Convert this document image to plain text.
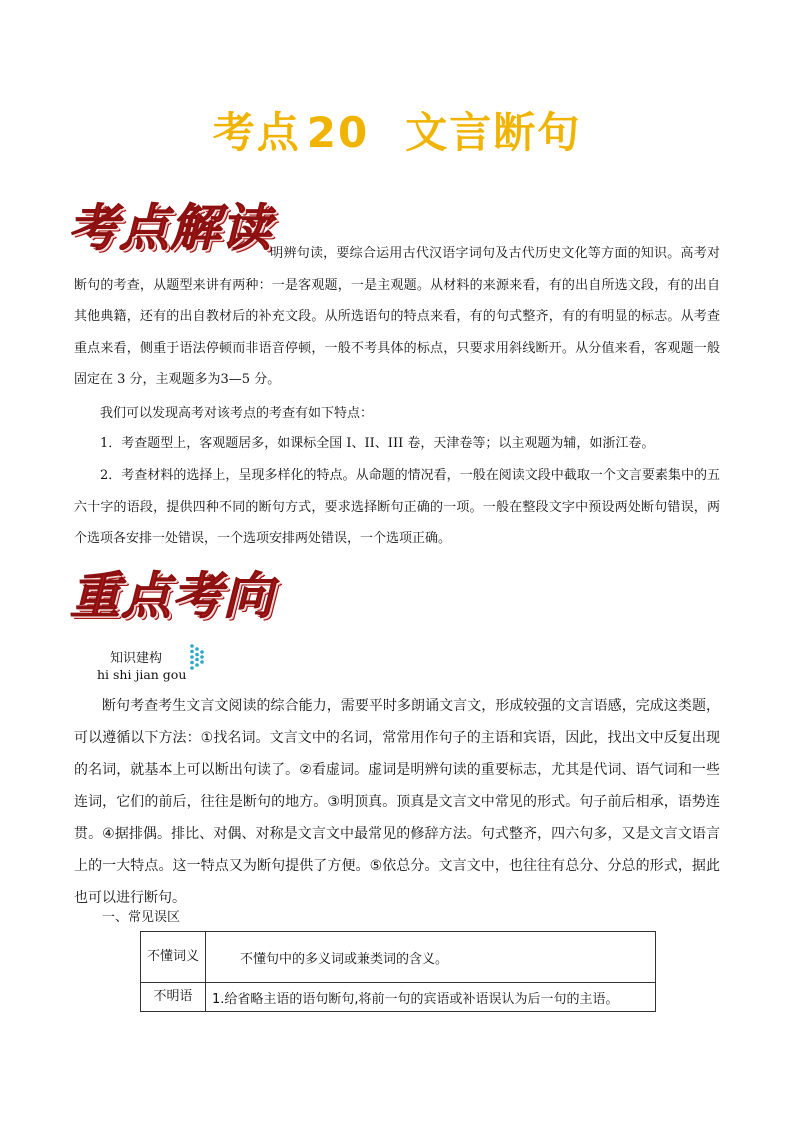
考点 20 文言断句
考点解读
明辨句读，要综合运用古代汉语字词句及古代历史文化等方面的知识。高考对断句的考查，从题型来讲有两种：一是客观题，一是主观题。从材料的来源来看，有的出自所选文段，有的出自其他典籍，还有的出自教材后的补充文段。从所选语句的特点来看，有的句式整齐，有的有明显的标志。从考查重点来看，侧重于语法停顿而非语音停顿，一般不考具体的标点，只要求用斜线断开。从分值来看，客观题一般固定在 3 分，主观题多为3—5 分。
我们可以发现高考对该考点的考查有如下特点：
1．考查题型上，客观题居多，如课标全国 I、II、III 卷，天津卷等；以主观题为辅，如浙江卷。
2．考查材料的选择上，呈现多样化的特点。从命题的情况看，一般在阅读文段中截取一个文言要素集中的五六十字的语段，提供四种不同的断句方式，要求选择断句正确的一项。一般在整段文字中预设两处断句错误，两个选项各安排一处错误，一个选项安排两处错误，一个选项正确。
重点考向
知识建构
hi shi jian gou
断句考查考生文言文阅读的综合能力，需要平时多朗诵文言文，形成较强的文言语感，完成这类题，可以遵循以下方法：①找名词。文言文中的名词，常常用作句子的主语和宾语，因此，找出文中反复出现的名词，就基本上可以断出句读了。②看虚词。虚词是明辨句读的重要标志，尤其是代词、语气词和一些连词，它们的前后，往往是断句的地方。③明顶真。顶真是文言文中常见的形式。句子前后相承，语势连贯。④据排偶。排比、对偶、对称是文言文中最常见的修辞方法。句式整齐，四六句多，又是文言文语言上的一大特点。这一特点又为断句提供了方便。⑤依总分。文言文中，也往往有总分、分总的形式，据此也可以进行断句。
一、常见误区
不懂词义	不懂句中的多义词或兼类词的含义。
不明语	1.给省略主语的语句断句,将前一句的宾语或补语误认为后一句的主语。
